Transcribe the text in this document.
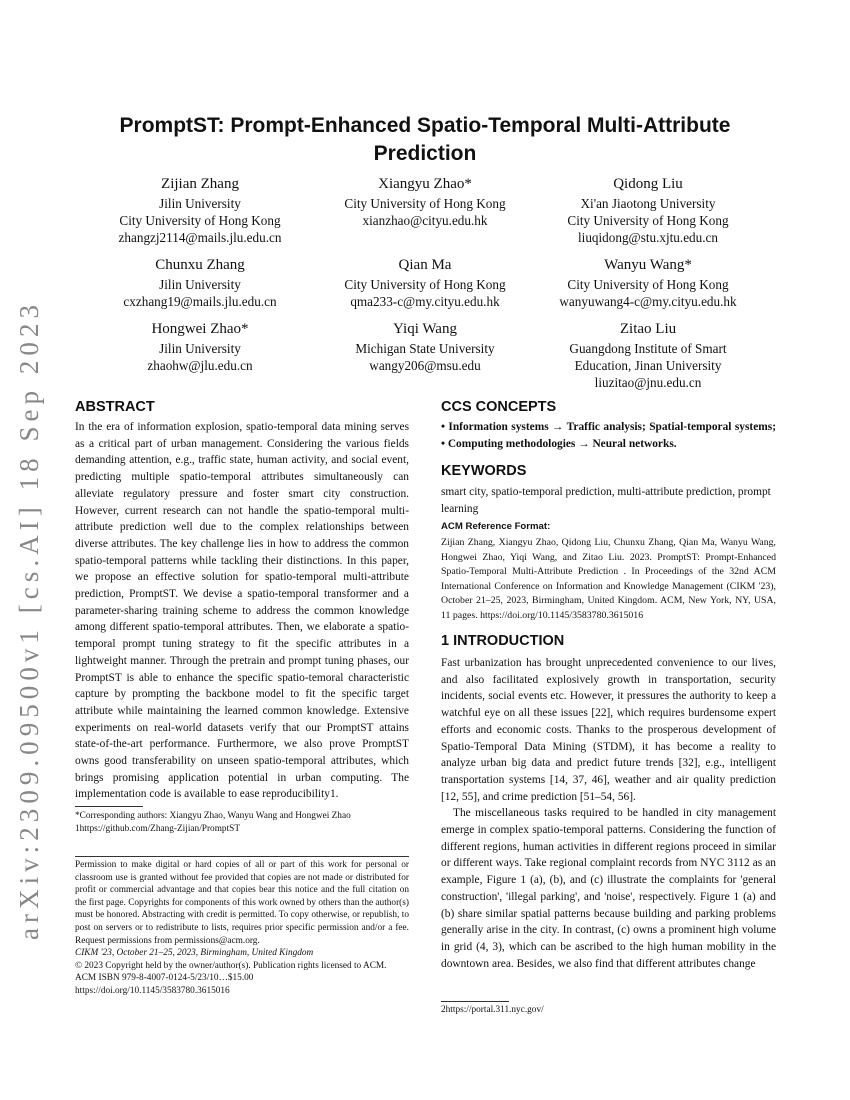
arXiv:2309.09500v1 [cs.AI] 18 Sep 2023
PromptST: Prompt-Enhanced Spatio-Temporal Multi-Attribute
Prediction
Zijian Zhang
Jilin University
City University of Hong Kong
zhangzj2114@mails.jlu.edu.cn
Xiangyu Zhao*
City University of Hong Kong
xianzhao@cityu.edu.hk
Qidong Liu
Xi'an Jiaotong University
City University of Hong Kong
liuqidong@stu.xjtu.edu.cn
Chunxu Zhang
Jilin University
cxzhang19@mails.jlu.edu.cn
Qian Ma
City University of Hong Kong
qma233-c@my.cityu.edu.hk
Wanyu Wang*
City University of Hong Kong
wanyuwang4-c@my.cityu.edu.hk
Hongwei Zhao*
Jilin University
zhaohw@jlu.edu.cn
Yiqi Wang
Michigan State University
wangy206@msu.edu
Zitao Liu
Guangdong Institute of Smart
Education, Jinan University
liuzitao@jnu.edu.cn
ABSTRACT

In the era of information explosion, spatio-temporal data mining serves as a critical part of urban management. Considering the various fields demanding attention, e.g., traffic state, human activity, and social event, predicting multiple spatio-temporal attributes simultaneously can alleviate regulatory pressure and foster smart city construction. However, current research can not handle the spatio-temporal multi-attribute prediction well due to the complex relationships between diverse attributes. The key challenge lies in how to address the common spatio-temporal patterns while tackling their distinctions. In this paper, we propose an effective solution for spatio-temporal multi-attribute prediction, PromptST. We devise a spatio-temporal transformer and a parameter-sharing training scheme to address the common knowledge among different spatio-temporal attributes. Then, we elaborate a spatio-temporal prompt tuning strategy to fit the specific attributes in a lightweight manner. Through the pretrain and prompt tuning phases, our PromptST is able to enhance the specific spatio-temoral characteristic capture by prompting the backbone model to fit the specific target attribute while maintaining the learned common knowledge. Extensive experiments on real-world datasets verify that our PromptST attains state-of-the-art performance. Furthermore, we also prove PromptST owns good transferability on unseen spatio-temporal attributes, which brings promising application potential in urban computing. The implementation code is available to ease reproducibility1.

*Corresponding authors: Xiangyu Zhao, Wanyu Wang and Hongwei Zhao
1https://github.com/Zhang-Zijian/PromptST
Permission to make digital or hard copies of all or part of this work for personal or classroom use is granted without fee provided that copies are not made or distributed for profit or commercial advantage and that copies bear this notice and the full citation on the first page. Copyrights for components of this work owned by others than the author(s) must be honored. Abstracting with credit is permitted. To copy otherwise, or republish, to post on servers or to redistribute to lists, requires prior specific permission and/or a fee. Request permissions from permissions@acm.org.
CIKM '23, October 21–25, 2023, Birmingham, United Kingdom
© 2023 Copyright held by the owner/author(s). Publication rights licensed to ACM.
ACM ISBN 979-8-4007-0124-5/23/10…$15.00
https://doi.org/10.1145/3583780.3615016
CCS CONCEPTS
• Information systems → Traffic analysis; Spatial-temporal systems; • Computing methodologies → Neural networks.
KEYWORDS
smart city, spatio-temporal prediction, multi-attribute prediction, prompt learning
ACM Reference Format:
Zijian Zhang, Xiangyu Zhao, Qidong Liu, Chunxu Zhang, Qian Ma, Wanyu Wang, Hongwei Zhao, Yiqi Wang, and Zitao Liu. 2023. PromptST: Prompt-Enhanced Spatio-Temporal Multi-Attribute Prediction . In Proceedings of the 32nd ACM International Conference on Information and Knowledge Management (CIKM '23), October 21–25, 2023, Birmingham, United Kingdom. ACM, New York, NY, USA, 11 pages. https://doi.org/10.1145/3583780.3615016
1 INTRODUCTION

Fast urbanization has brought unprecedented convenience to our lives, and also facilitated explosively growth in transportation, security incidents, social events etc. However, it pressures the authority to keep a watchful eye on all these issues [22], which requires burdensome expert efforts and economic costs. Thanks to the prosperous development of Spatio-Temporal Data Mining (STDM), it has become a reality to analyze urban big data and predict future trends [32], e.g., intelligent transportation systems [14, 37, 46], weather and air quality prediction [12, 55], and crime prediction [51–54, 56].

The miscellaneous tasks required to be handled in city management emerge in complex spatio-temporal patterns. Considering the function of different regions, human activities in different regions proceed in similar or different ways. Take regional complaint records from NYC 3112 as an example, Figure 1 (a), (b), and (c) illustrate the complaints for 'general construction', 'illegal parking', and 'noise', respectively. Figure 1 (a) and (b) share similar spatial patterns because building and parking problems generally arise in the city. In contrast, (c) owns a prominent high volume in grid (4, 3), which can be ascribed to the high human mobility in the downtown area. Besides, we also find that different attributes change

2https://portal.311.nyc.gov/
